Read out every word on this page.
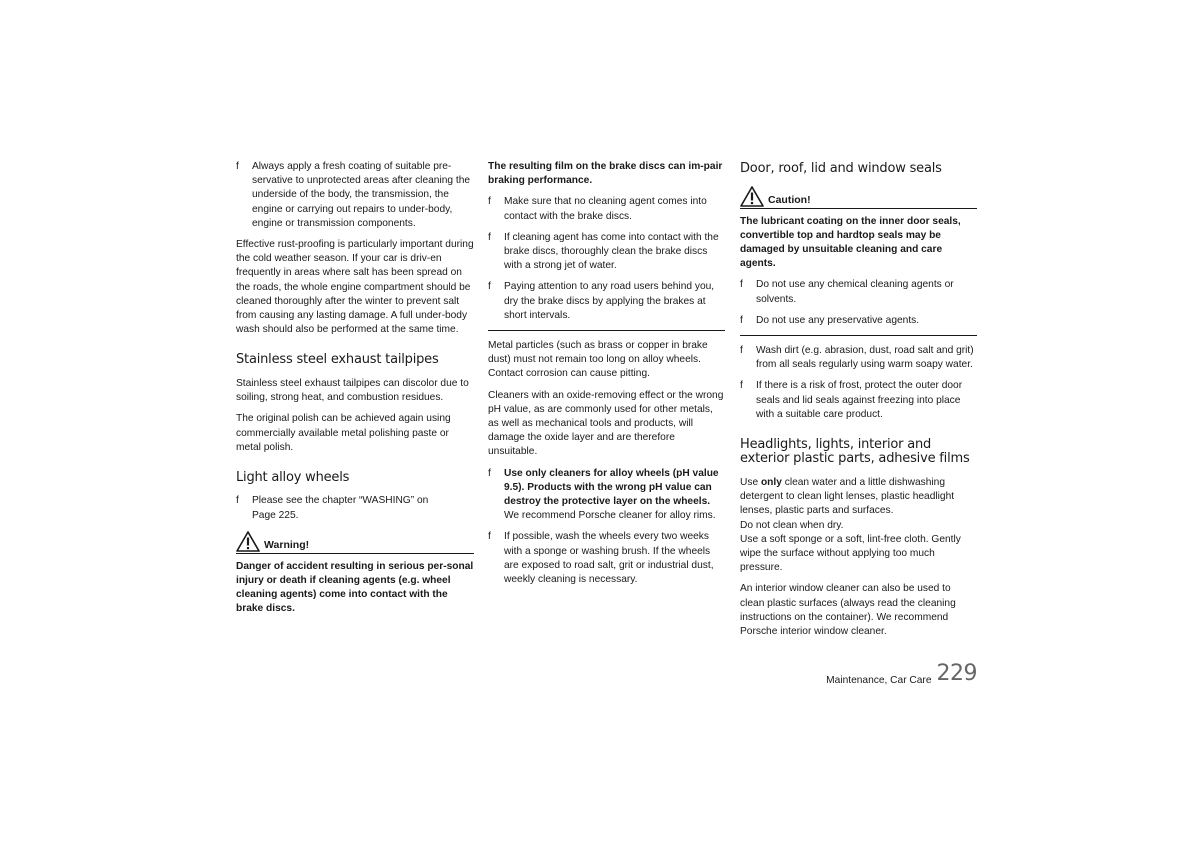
f Always apply a fresh coating of suitable pre-servative to unprotected areas after cleaning the underside of the body, the transmission, the engine or carrying out repairs to under-body, engine or transmission components.

Effective rust-proofing is particularly important during the cold weather season. If your car is driv-en frequently in areas where salt has been spread on the roads, the whole engine compartment should be cleaned thoroughly after the winter to prevent salt from causing any lasting damage. A full under-body wash should also be performed at the same time.

Stainless steel exhaust tailpipes

Stainless steel exhaust tailpipes can discolor due to soiling, strong heat, and combustion residues.

The original polish can be achieved again using commercially available metal polishing paste or metal polish.

Light alloy wheels
f Please see the chapter “WASHING” on
Page 225.
Warning!

Danger of accident resulting in serious per-sonal injury or death if cleaning agents (e.g. wheel cleaning agents) come into contact with the brake discs.

The resulting film on the brake discs can im-pair braking performance.

f Make sure that no cleaning agent comes into contact with the brake discs.
f If cleaning agent has come into contact with the brake discs, thoroughly clean the brake discs with a strong jet of water.
f Paying attention to any road users behind you, dry the brake discs by applying the brakes at short intervals.

Metal particles (such as brass or copper in brake dust) must not remain too long on alloy wheels. Contact corrosion can cause pitting.

Cleaners with an oxide-removing effect or the wrong pH value, as are commonly used for other metals, as well as mechanical tools and products, will damage the oxide layer and are therefore unsuitable.

f Use only cleaners for alloy wheels (pH value 9.5). Products with the wrong pH value can destroy the protective layer on the wheels.
We recommend Porsche cleaner for alloy rims.
f If possible, wash the wheels every two weeks with a sponge or washing brush. If the wheels are exposed to road salt, grit or industrial dust, weekly cleaning is necessary.
Door, roof, lid and window seals
Caution!

The lubricant coating on the inner door seals, convertible top and hardtop seals may be damaged by unsuitable cleaning and care agents.

f Do not use any chemical cleaning agents or solvents.
f Do not use any preservative agents.
f Wash dirt (e.g. abrasion, dust, road salt and grit) from all seals regularly using warm soapy water.
f If there is a risk of frost, protect the outer door seals and lid seals against freezing into place with a suitable care product.
Headlights, lights, interior and exterior plastic parts, adhesive films

Use only clean water and a little dishwashing detergent to clean light lenses, plastic headlight lenses, plastic parts and surfaces.
Do not clean when dry.
Use a soft sponge or a soft, lint-free cloth. Gently wipe the surface without applying too much pressure.

An interior window cleaner can also be used to clean plastic surfaces (always read the cleaning instructions on the container). We recommend Porsche interior window cleaner.

Maintenance, Car Care 229
